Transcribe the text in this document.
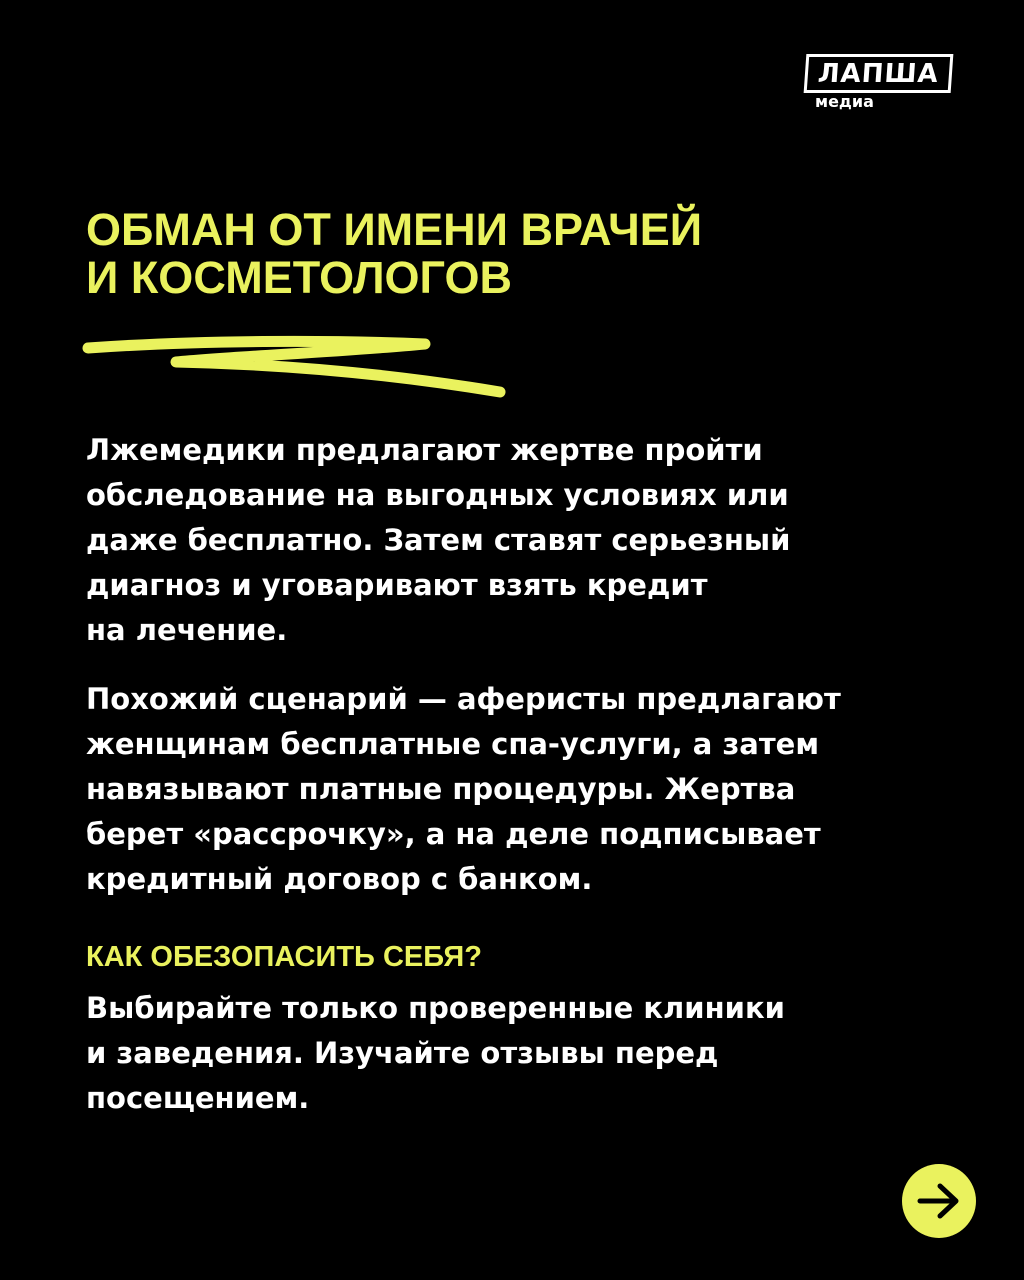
ЛАПША
медиа
ОБМАН ОТ ИМЕНИ ВРАЧЕЙ
И КОСМЕТОЛОГОВ
Лжемедики предлагают жертве пройти
обследование на выгодных условиях или
даже бесплатно. Затем ставят серьезный
диагноз и уговаривают взять кредит
на лечение.
Похожий сценарий — аферисты предлагают
женщинам бесплатные спа-услуги, а затем
навязывают платные процедуры. Жертва
берет «рассрочку», а на деле подписывает
кредитный договор с банком.
КАК ОБЕЗОПАСИТЬ СЕБЯ?
Выбирайте только проверенные клиники
и заведения. Изучайте отзывы перед
посещением.
